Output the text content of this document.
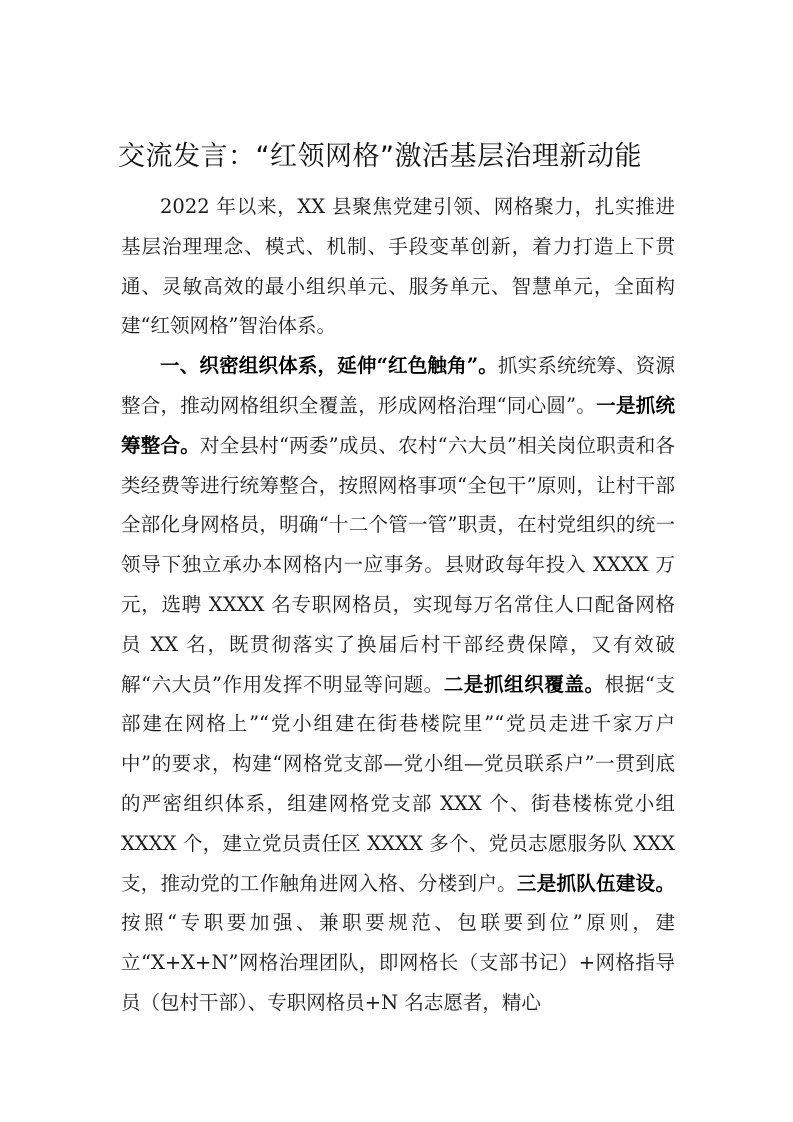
交流发言：“红领网格”激活基层治理新动能

2022 年以来，XX 县聚焦党建引领、网格聚力，扎实推进基层治理理念、模式、机制、手段变革创新，着力打造上下贯通、灵敏高效的最小组织单元、服务单元、智慧单元，全面构建“红领网格”智治体系。

一、织密组织体系，延伸“红色触角”。抓实系统统筹、资源整合，推动网格组织全覆盖，形成网格治理“同心圆”。一是抓统筹整合。对全县村“两委”成员、农村“六大员”相关岗位职责和各类经费等进行统筹整合，按照网格事项“全包干”原则，让村干部全部化身网格员，明确“十二个管一管”职责，在村党组织的统一领导下独立承办本网格内一应事务。县财政每年投入 XXXX 万元，选聘 XXXX 名专职网格员，实现每万名常住人口配备网格员 XX 名，既贯彻落实了换届后村干部经费保障，又有效破解“六大员”作用发挥不明显等问题。二是抓组织覆盖。根据“支部建在网格上”“党小组建在街巷楼院里”“党员走进千家万户中”的要求，构建“网格党支部—党小组—党员联系户”一贯到底的严密组织体系，组建网格党支部 XXX 个、街巷楼栋党小组 XXXX 个，建立党员责任区 XXXX 多个、党员志愿服务队 XXX 支，推动党的工作触角进网入格、分楼到户。三是抓队伍建设。按照“专职要加强、兼职要规范、包联要到位”原则，建立“X+X+N”网格治理团队，即网格长（支部书记）+网格指导员（包村干部）、专职网格员+N 名志愿者，精心
